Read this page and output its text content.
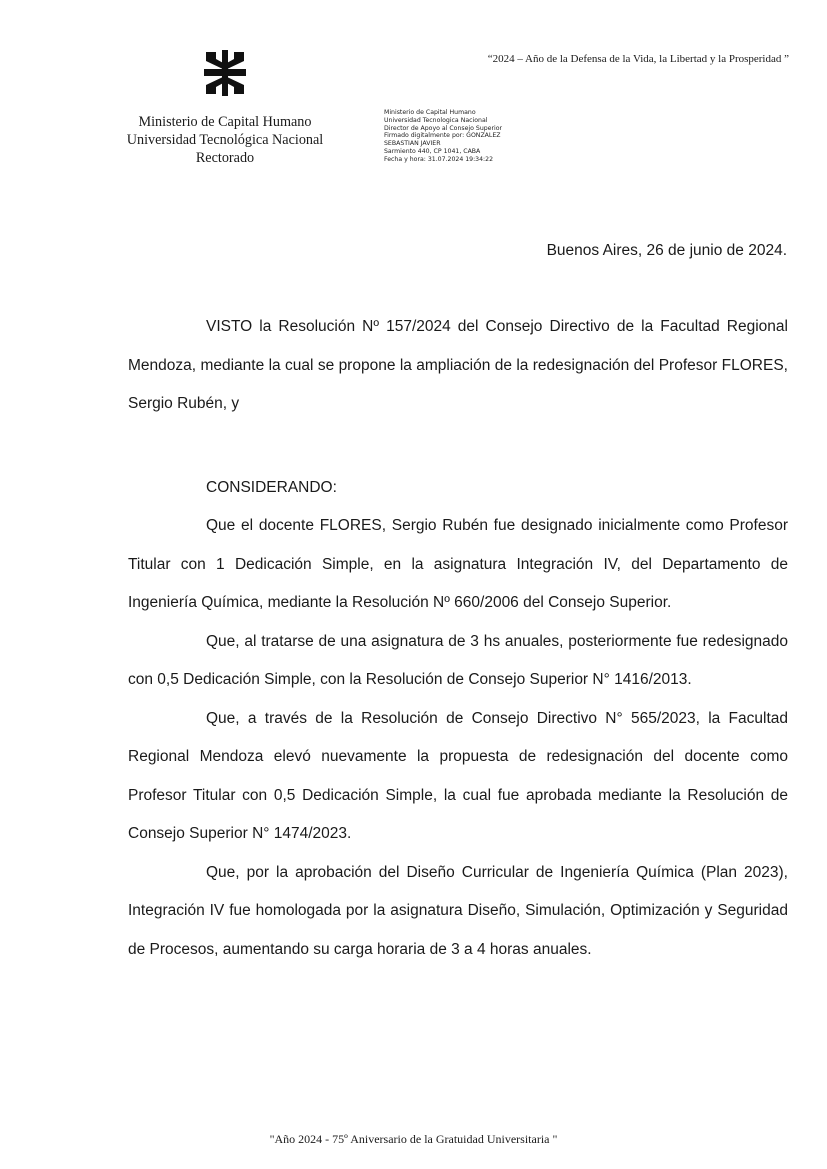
“2024 – Año de la Defensa de la Vida, la Libertad y la Prosperidad ”
Ministerio de Capital Humano
Universidad Tecnológica Nacional
Rectorado
Ministerio de Capital Humano
Universidad Tecnologica Nacional
Director de Apoyo al Consejo Superior
Firmado digitalmente por: GONZALEZ
SEBASTIAN JAVIER
Sarmiento 440, CP 1041, CABA
Fecha y hora: 31.07.2024 19:34:22
Buenos Aires, 26 de junio de 2024.

VISTO la Resolución Nº 157/2024 del Consejo Directivo de la Facultad Regional Mendoza, mediante la cual se propone la ampliación de la redesignación del Profesor FLORES, Sergio Rubén, y

CONSIDERANDO:

Que el docente FLORES, Sergio Rubén fue designado inicialmente como Profesor Titular con 1 Dedicación Simple, en la asignatura Integración IV, del Departamento de Ingeniería Química, mediante la Resolución Nº 660/2006 del Consejo Superior.

Que, al tratarse de una asignatura de 3 hs anuales, posteriormente fue redesignado con 0,5 Dedicación Simple, con la Resolución de Consejo Superior N° 1416/2013.

Que, a través de la Resolución de Consejo Directivo N° 565/2023, la Facultad Regional Mendoza elevó nuevamente la propuesta de redesignación del docente como Profesor Titular con 0,5 Dedicación Simple, la cual fue aprobada mediante la Resolución de Consejo Superior N° 1474/2023.

Que, por la aprobación del Diseño Curricular de Ingeniería Química (Plan 2023), Integración IV fue homologada por la asignatura Diseño, Simulación, Optimización y Seguridad de Procesos, aumentando su carga horaria de 3 a 4 horas anuales.

"Año 2024 - 75º Aniversario de la Gratuidad Universitaria "
